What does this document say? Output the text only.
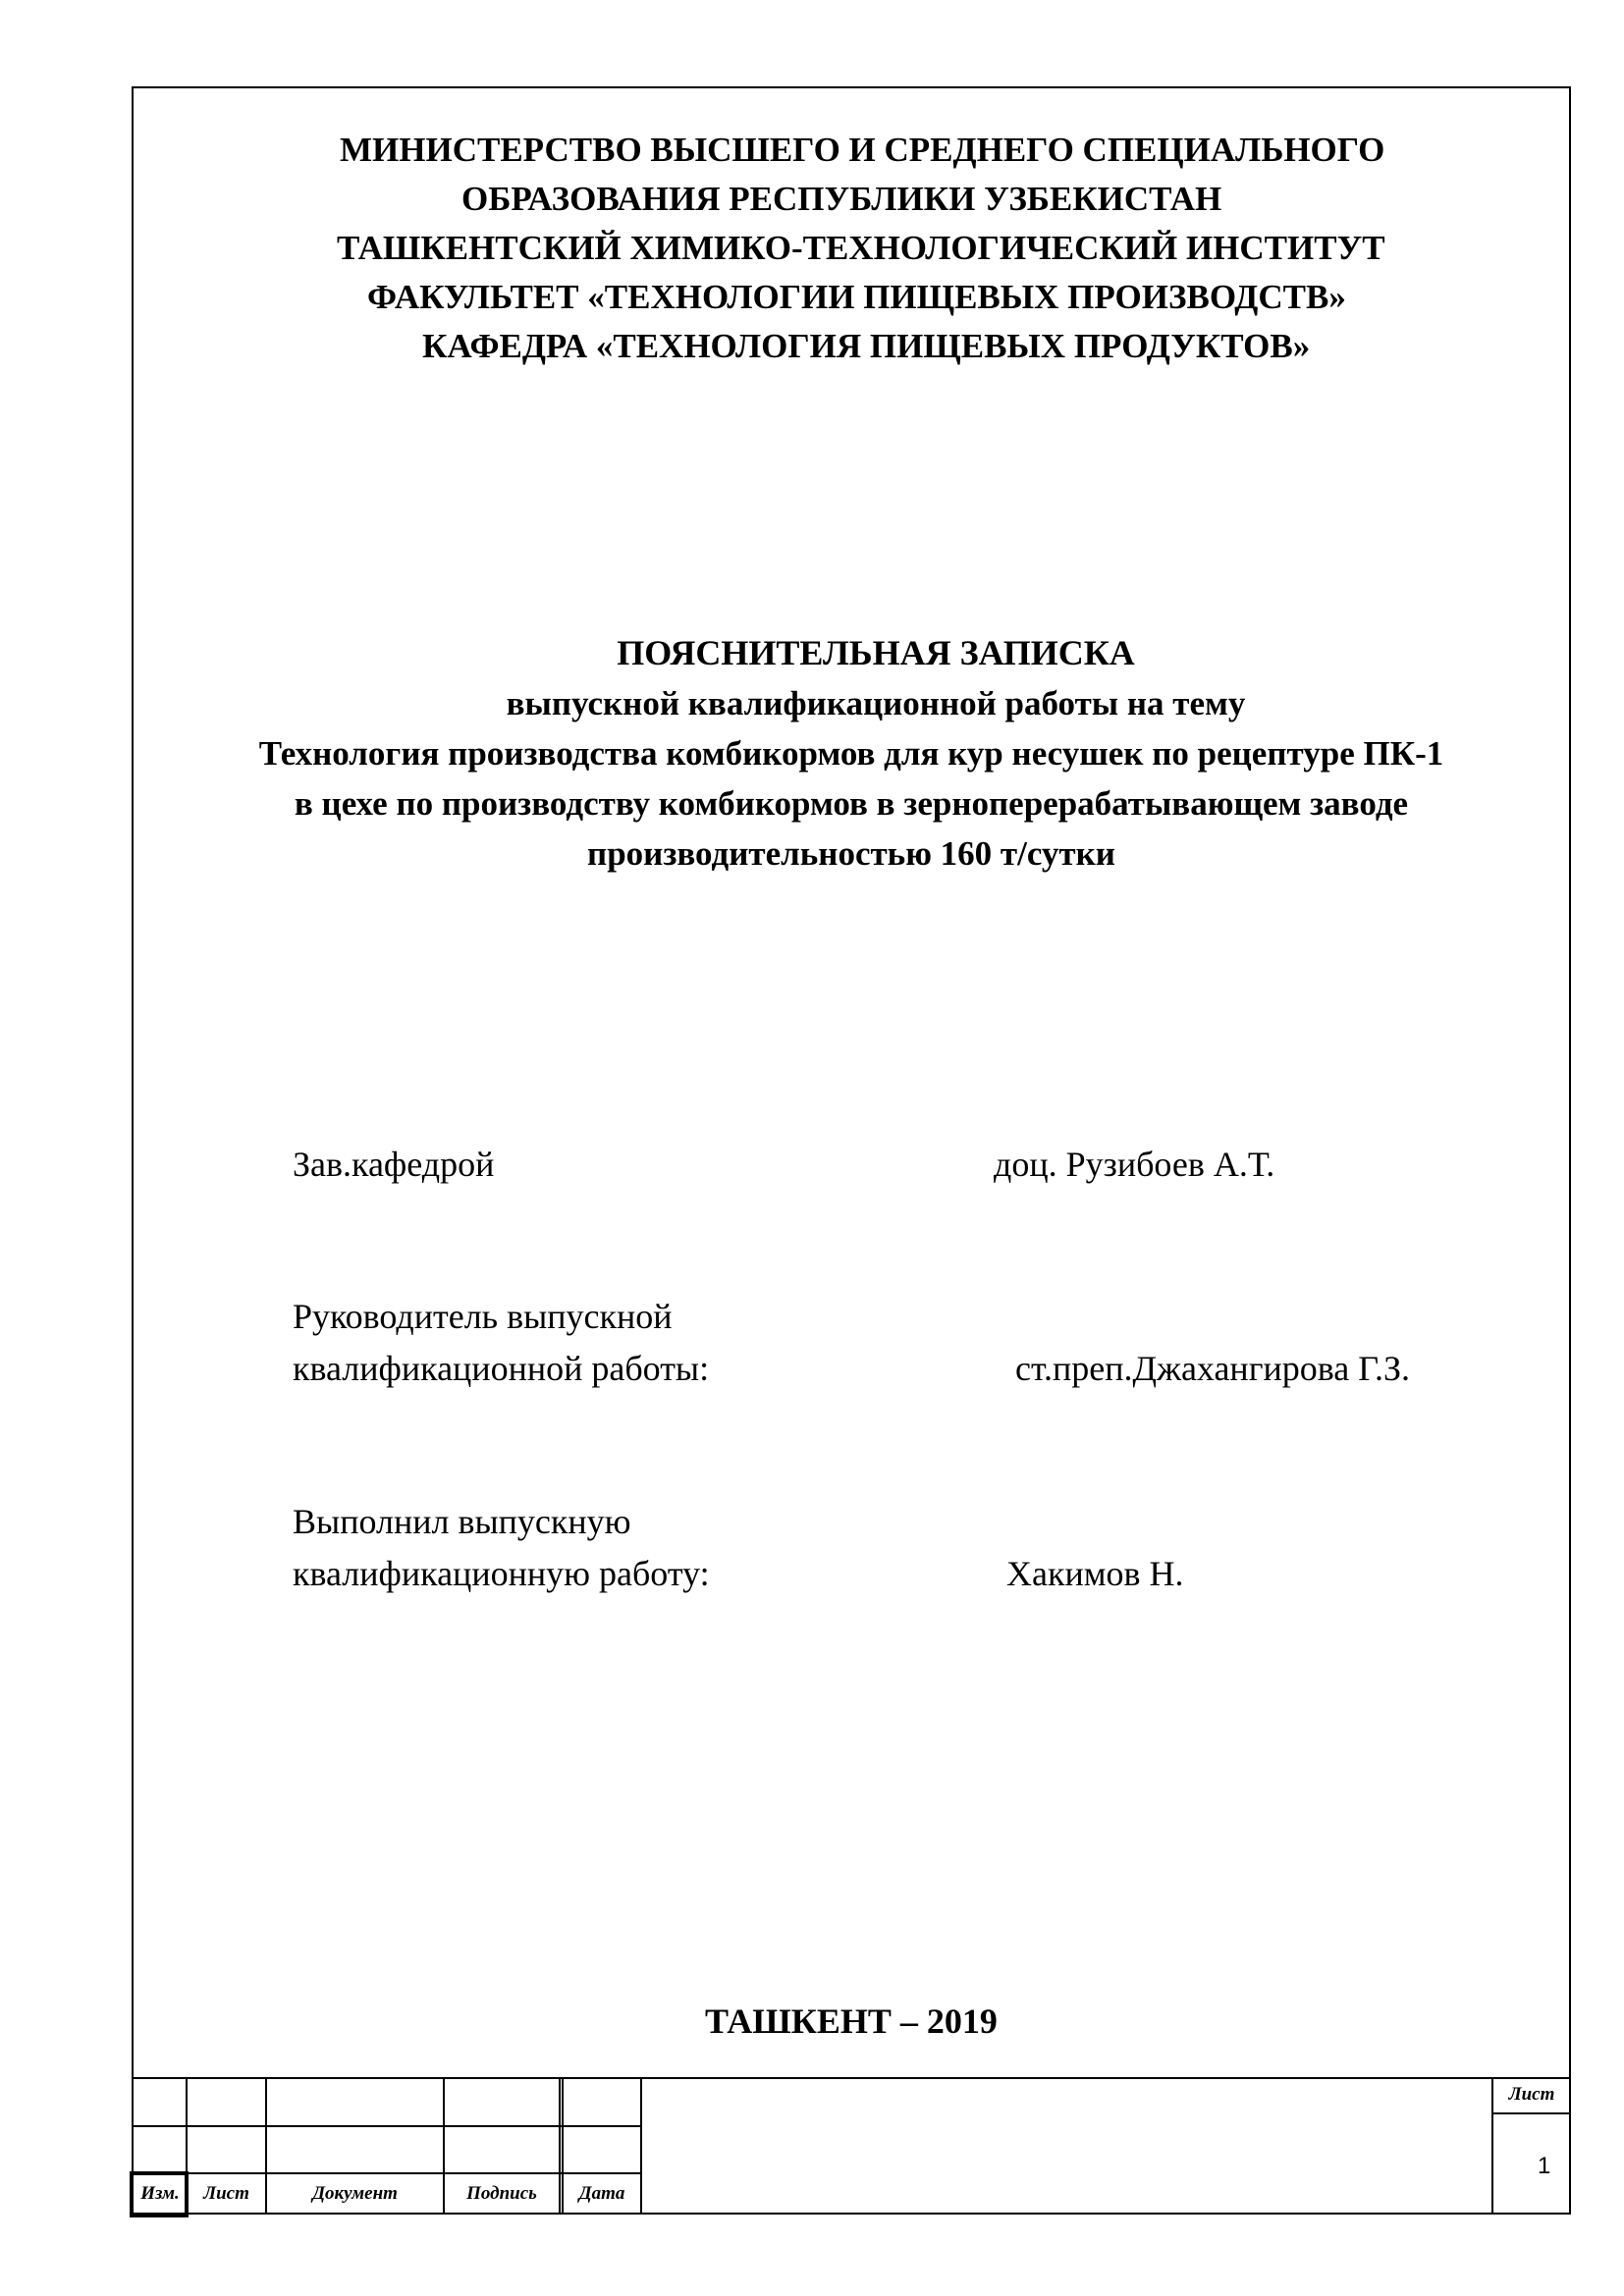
МИНИСТЕРСТВО ВЫСШЕГО И СРЕДНЕГО СПЕЦИАЛЬНОГО
ОБРАЗОВАНИЯ РЕСПУБЛИКИ УЗБЕКИСТАН
ТАШКЕНТСКИЙ ХИМИКО-ТЕХНОЛОГИЧЕСКИЙ ИНСТИТУТ
ФАКУЛЬТЕТ «ТЕХНОЛОГИИ ПИЩЕВЫХ ПРОИЗВОДСТВ»
КАФЕДРА «ТЕХНОЛОГИЯ ПИЩЕВЫХ ПРОДУКТОВ»
ПОЯСНИТЕЛЬНАЯ ЗАПИСКА
выпускной квалификационной работы на тему
Технология производства комбикормов для кур несушек по рецептуре ПК-1
в цехе по производству комбикормов в зерноперерабатывающем заводе
производительностью 160 т/сутки
Зав.кафедрой	доц. Рузибоев А.Т.
Руководитель выпускной
квалификационной работы:	ст.преп.Джахангирова Г.З.
Выполнил выпускную
квалификационную работу:	Хакимов Н.
ТАШКЕНТ – 2019
Изм.	Лист	Документ	Подпись	Дата
Лист
1
